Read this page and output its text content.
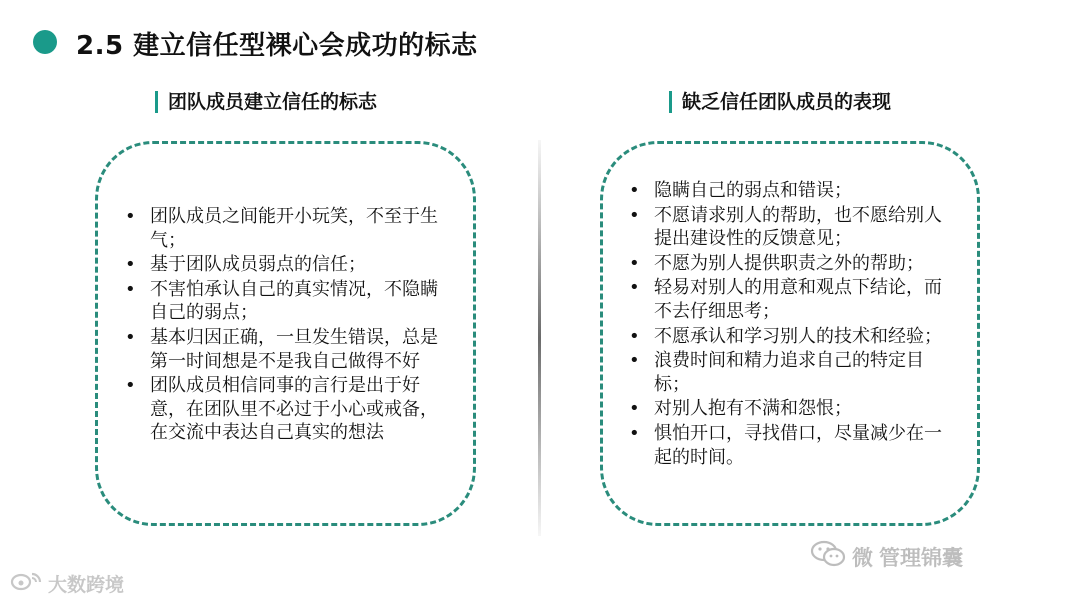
2.5 建立信任型裸心会成功的标志
团队成员建立信任的标志	缺乏信任团队成员的表现
• 团队成员之间能开小玩笑，不至于生气；
• 基于团队成员弱点的信任；
• 不害怕承认自己的真实情况，不隐瞒自己的弱点；
• 基本归因正确，一旦发生错误，总是第一时间想是不是我自己做得不好
• 团队成员相信同事的言行是出于好意，在团队里不必过于小心或戒备，在交流中表达自己真实的想法
• 隐瞒自己的弱点和错误；
• 不愿请求别人的帮助，也不愿给别人提出建设性的反馈意见；
• 不愿为别人提供职责之外的帮助；
• 轻易对别人的用意和观点下结论，而不去仔细思考；
• 不愿承认和学习别人的技术和经验；
• 浪费时间和精力追求自己的特定目标；
• 对别人抱有不满和怨恨；
• 惧怕开口，寻找借口，尽量减少在一起的时间。
大数跨境
微 管理锦囊
